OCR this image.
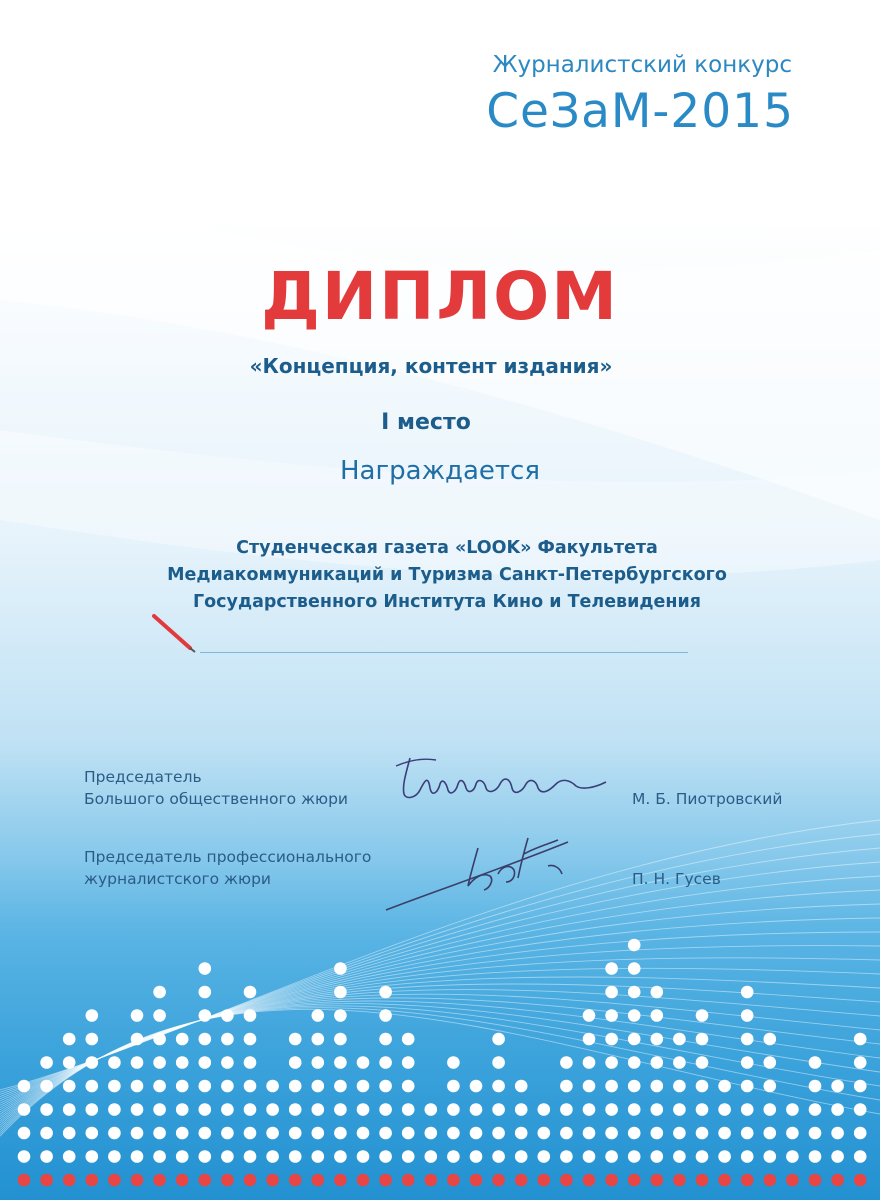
Журналистский конкурс
СеЗаМ-2015
ДИПЛОМ
«Концепция, контент издания»
I место
Награждается
Студенческая газета «LOOK» Факультета
Медиакоммуникаций и Туризма Санкт-Петербургского
Государственного Института Кино и Телевидения
Председатель
Большого общественного жюри	М. Б. Пиотровский
Председатель профессионального
журналистского жюри	П. Н. Гусев
